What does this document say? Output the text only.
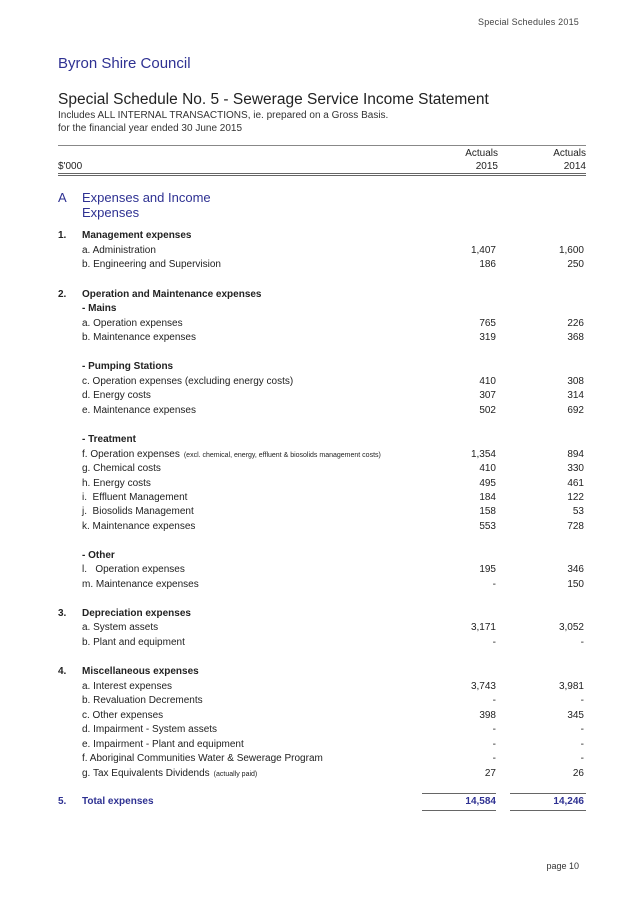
Special Schedules 2015
Byron Shire Council
Special Schedule No. 5 - Sewerage Service Income Statement
Includes ALL INTERNAL TRANSACTIONS, ie. prepared on a Gross Basis.
for the financial year ended 30 June 2015
Actuals	Actuals
$'000	2015	2014
A Expenses and Income
Expenses
1. Management expenses
a. Administration	1,407	1,600
b. Engineering and Supervision	186	250
2. Operation and Maintenance expenses
- Mains
a. Operation expenses	765	226
b. Maintenance expenses	319	368
- Pumping Stations
c. Operation expenses (excluding energy costs)	410	308
d. Energy costs	307	314
e. Maintenance expenses	502	692
- Treatment
f. Operation expenses (excl. chemical, energy, effluent & biosolids management costs)	1,354	894
g. Chemical costs	410	330
h. Energy costs	495	461
i.  Effluent Management	184	122
j.  Biosolids Management	158	53
k. Maintenance expenses	553	728
- Other
l.   Operation expenses	195	346
m. Maintenance expenses	-	150
3. Depreciation expenses
a. System assets	3,171	3,052
b. Plant and equipment	-	-
4. Miscellaneous expenses
a. Interest expenses	3,743	3,981
b. Revaluation Decrements	-	-
c. Other expenses	398	345
d. Impairment - System assets	-	-
e. Impairment - Plant and equipment	-	-
f. Aboriginal Communities Water & Sewerage Program	-	-
g. Tax Equivalents Dividends (actually paid)	27	26
5. Total expenses	14,584	14,246
page 10
